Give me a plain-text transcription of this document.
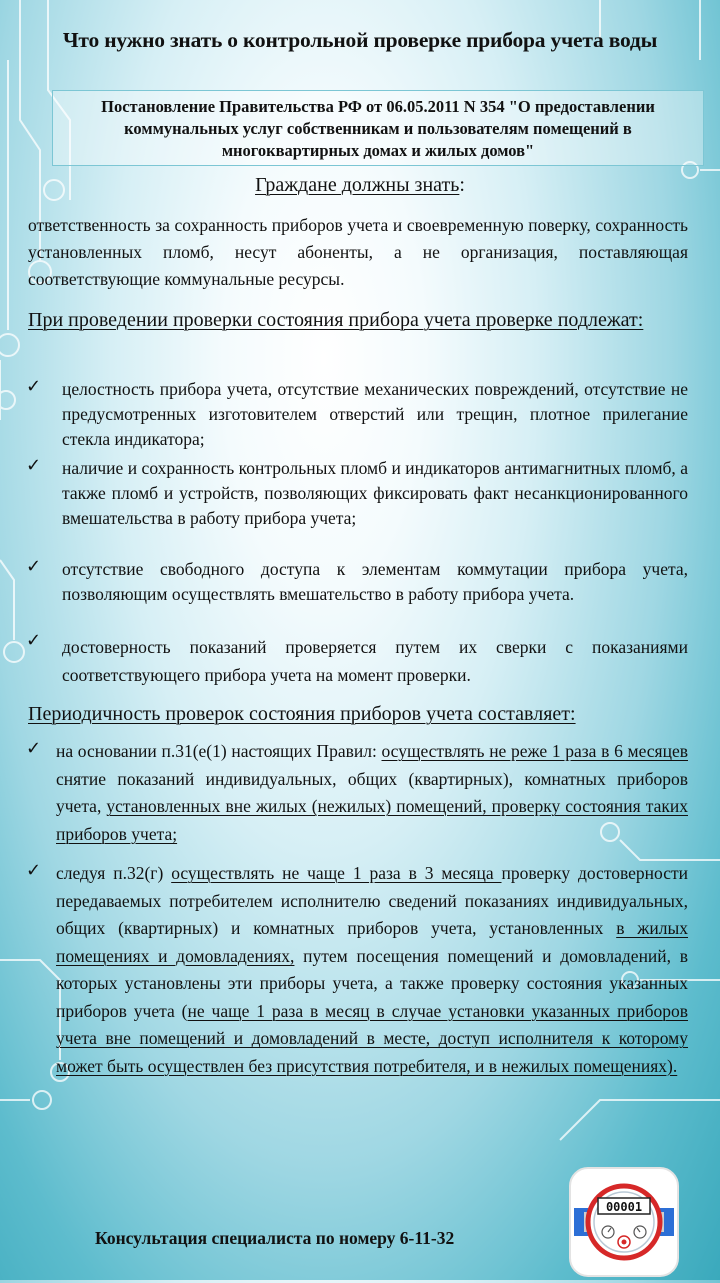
Что нужно знать о контрольной проверке прибора учета воды
Постановление Правительства РФ от 06.05.2011 N 354 "О предоставлении
коммунальных услуг собственникам и пользователям помещений в
многоквартирных домах и жилых домов"
Граждане должны знать:
ответственность за сохранность приборов учета и своевременную поверку, сохранность установленных пломб, несут абоненты, а не организация, поставляющая соответствующие коммунальные ресурсы.
При проведении проверки состояния прибора учета проверке подлежат:
✓ целостность прибора учета, отсутствие механических повреждений, отсутствие не предусмотренных изготовителем отверстий или трещин, плотное прилегание стекла индикатора;
✓ наличие и сохранность контрольных пломб и индикаторов антимагнитных пломб, а также пломб и устройств, позволяющих фиксировать факт несанкционированного вмешательства в работу прибора учета;
✓ отсутствие свободного доступа к элементам коммутации прибора учета, позволяющим осуществлять вмешательство в работу прибора учета.
✓ достоверность показаний проверяется путем их сверки с показаниями соответствующего прибора учета на момент проверки.
Периодичность проверок состояния приборов учета составляет:
✓ на основании п.31(е(1) настоящих Правил: осуществлять не реже 1 раза в 6 месяцев снятие показаний индивидуальных, общих (квартирных), комнатных приборов учета, установленных вне жилых (нежилых) помещений, проверку состояния таких приборов учета;
✓ следуя п.32(г) осуществлять не чаще 1 раза в 3 месяца проверку достоверности передаваемых потребителем исполнителю сведений показаниях индивидуальных, общих (квартирных) и комнатных приборов учета, установленных в жилых помещениях и домовладениях, путем посещения помещений и домовладений, в которых установлены эти приборы учета, а также проверку состояния указанных приборов учета (не чаще 1 раза в месяц в случае установки указанных приборов учета вне помещений и домовладений в месте, доступ исполнителя к которому может быть осуществлен без присутствия потребителя, и в нежилых помещениях).
Консультация специалиста по номеру 6-11-32
00001
